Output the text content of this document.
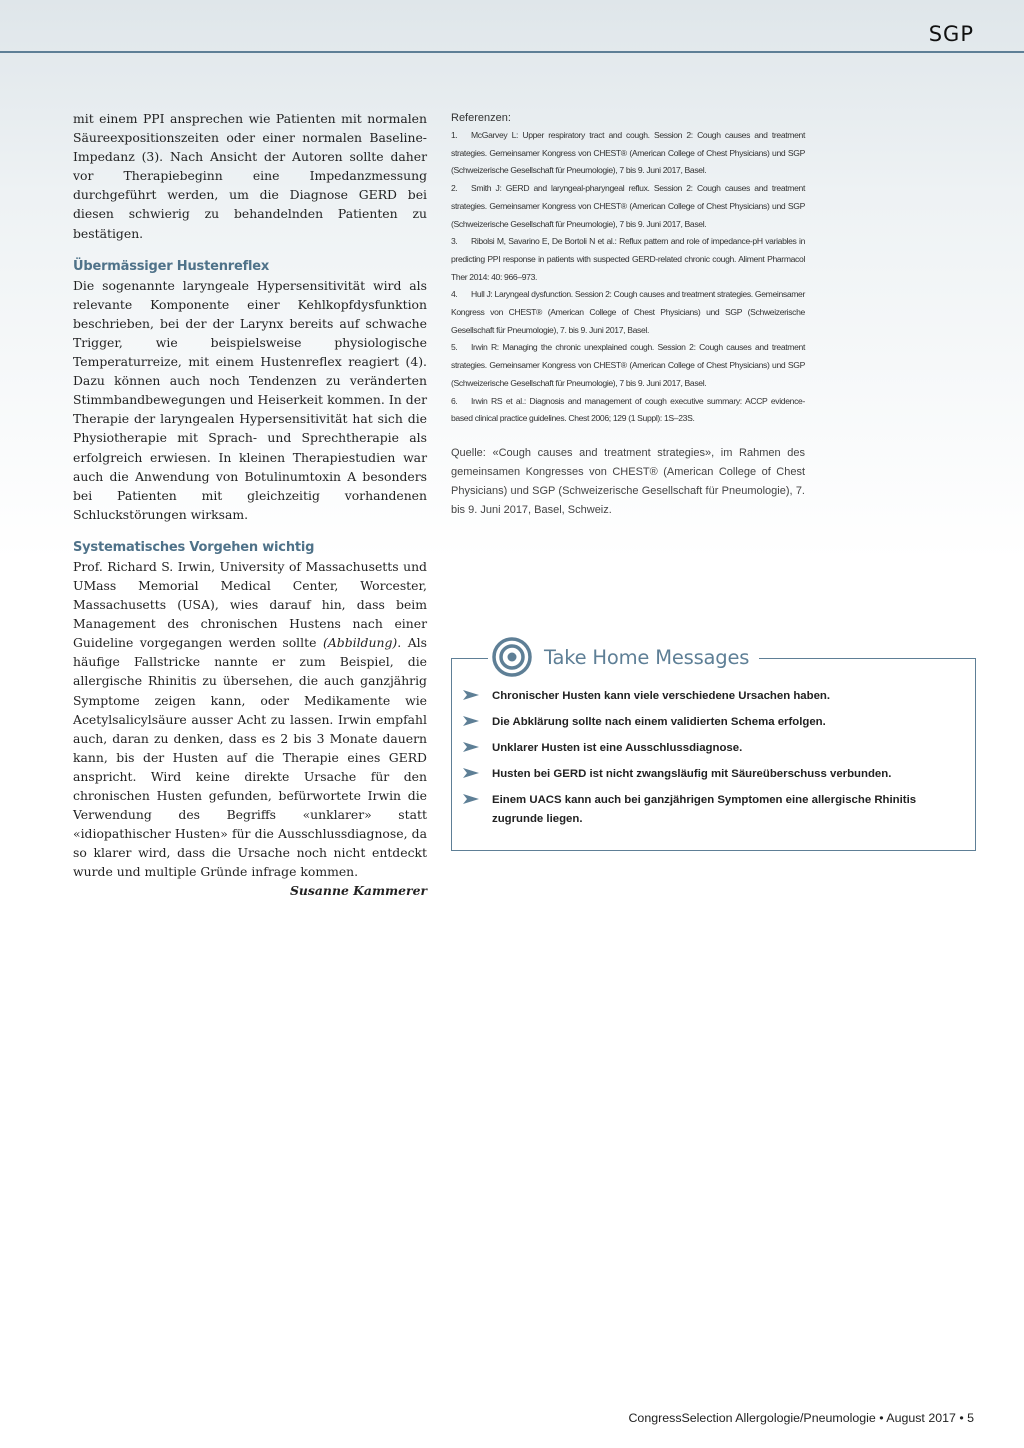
SGP

mit einem PPI ansprechen wie Patienten mit normalen Säureexpositionszeiten oder einer normalen Baseline-Impedanz (3). Nach Ansicht der Autoren sollte daher vor Therapiebeginn eine Impedanzmessung durchgeführt werden, um die Diagnose GERD bei diesen schwierig zu behandelnden Patienten zu bestätigen.

Übermässiger Hustenreflex

Die sogenannte laryngeale Hypersensitivität wird als relevante Komponente einer Kehlkopfdysfunktion beschrieben, bei der der Larynx bereits auf schwache Trigger, wie beispielsweise physiologische Temperaturreize, mit einem Hustenreflex reagiert (4). Dazu können auch noch Tendenzen zu veränderten Stimmbandbewegungen und Heiserkeit kommen. In der Therapie der laryngealen Hypersensitivität hat sich die Physiotherapie mit Sprach- und Sprechtherapie als erfolgreich erwiesen. In kleinen Therapiestudien war auch die Anwendung von Botulinumtoxin A besonders bei Patienten mit gleichzeitig vorhandenen Schluckstörungen wirksam.

Systematisches Vorgehen wichtig

Prof. Richard S. Irwin, University of Massachusetts und UMass Memorial Medical Center, Worcester, Massachusetts (USA), wies darauf hin, dass beim Management des chronischen Hustens nach einer Guideline vorgegangen werden sollte (Abbildung). Als häufige Fallstricke nannte er zum Beispiel, die allergische Rhinitis zu übersehen, die auch ganzjährig Symptome zeigen kann, oder Medikamente wie Acetylsalicylsäure ausser Acht zu lassen. Irwin empfahl auch, daran zu denken, dass es 2 bis 3 Monate dauern kann, bis der Husten auf die Therapie eines GERD anspricht. Wird keine direkte Ursache für den chronischen Husten gefunden, befürwortete Irwin die Verwendung des Begriffs «unklarer» statt «idiopathischer Husten» für die Ausschlussdiagnose, da so klarer wird, dass die Ursache noch nicht entdeckt wurde und multiple Gründe infrage kommen.

Susanne Kammerer
Referenzen:
1. McGarvey L: Upper respiratory tract and cough. Session 2: Cough causes and treatment strategies. Gemeinsamer Kongress von CHEST® (American College of Chest Physicians) und SGP (Schweizerische Gesellschaft für Pneumologie), 7 bis 9. Juni 2017, Basel.
2. Smith J: GERD and laryngeal-pharyngeal reflux. Session 2: Cough causes and treatment strategies. Gemeinsamer Kongress von CHEST® (American College of Chest Physicians) und SGP (Schweizerische Gesellschaft für Pneumologie), 7 bis 9. Juni 2017, Basel.
3. Ribolsi M, Savarino E, De Bortoli N et al.: Reflux pattern and role of impedance-pH variables in predicting PPI response in patients with suspected GERD-related chronic cough. Aliment Pharmacol Ther 2014: 40: 966–973.
4. Hull J: Laryngeal dysfunction. Session 2: Cough causes and treatment strategies. Gemeinsamer Kongress von CHEST® (American College of Chest Physicians) und SGP (Schweizerische Gesellschaft für Pneumologie), 7. bis 9. Juni 2017, Basel.
5. Irwin R: Managing the chronic unexplained cough. Session 2: Cough causes and treatment strategies. Gemeinsamer Kongress von CHEST® (American College of Chest Physicians) und SGP (Schweizerische Gesellschaft für Pneumologie), 7 bis 9. Juni 2017, Basel.
6. Irwin RS et al.: Diagnosis and management of cough executive summary: ACCP evidence-based clinical practice guidelines. Chest 2006; 129 (1 Suppl): 1S–23S.
Quelle: «Cough causes and treatment strategies», im Rahmen des gemeinsamen Kongresses von CHEST® (American College of Chest Physicians) und SGP (Schweizerische Gesellschaft für Pneumologie), 7. bis 9. Juni 2017, Basel, Schweiz.
Take Home Messages
Chronischer Husten kann viele verschiedene Ursachen haben.
Die Abklärung sollte nach einem validierten Schema erfolgen.
Unklarer Husten ist eine Ausschlussdiagnose.
Husten bei GERD ist nicht zwangsläufig mit Säureüberschuss verbunden.
Einem UACS kann auch bei ganzjährigen Symptomen eine allergische Rhinitis zugrunde liegen.
CongressSelection Allergologie/Pneumologie • August 2017 • 5
